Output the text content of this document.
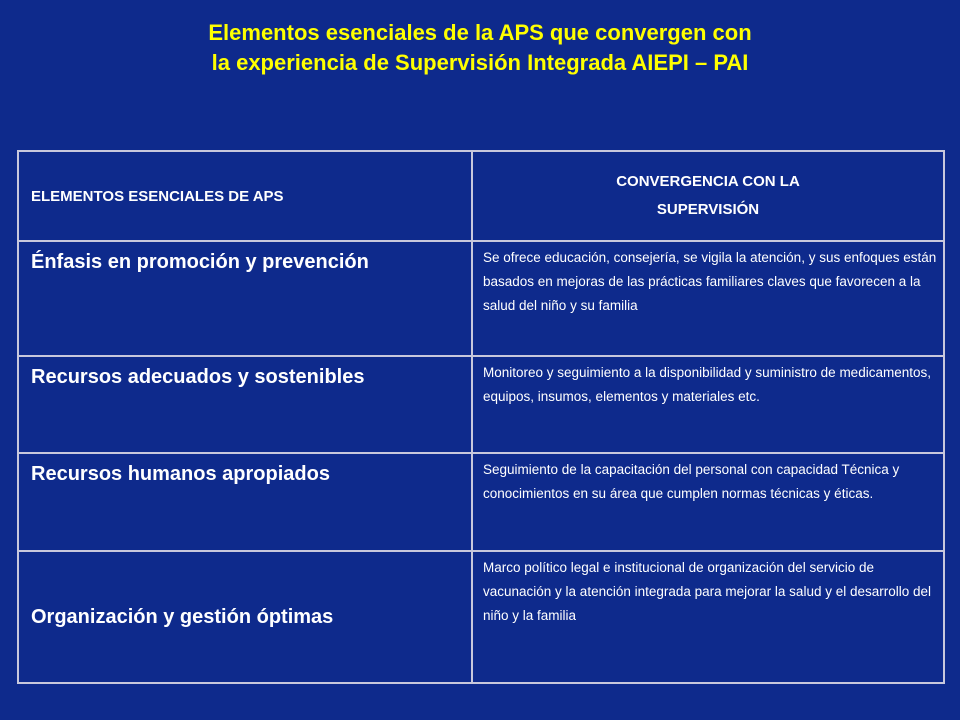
Elementos esenciales de la APS que convergen con
la experiencia de Supervisión Integrada AIEPI – PAI
ELEMENTOS ESENCIALES DE APS	CONVERGENCIA CON LA
SUPERVISIÓN

Énfasis en promoción y prevención	Se ofrece educación, consejería, se vigila la atención, y sus enfoques están basados en mejoras de las prácticas familiares claves que favorecen a la salud del niño y su familia
Recursos adecuados y sostenibles	Monitoreo y seguimiento a la disponibilidad y suministro de medicamentos, equipos, insumos, elementos y materiales etc.
Recursos humanos apropiados	Seguimiento de la capacitación del personal con capacidad Técnica y conocimientos en su área que cumplen normas técnicas y éticas.
Organización y gestión óptimas	Marco político legal e institucional de organización del servicio de vacunación y la atención integrada para mejorar la salud y el desarrollo del niño y la familia
